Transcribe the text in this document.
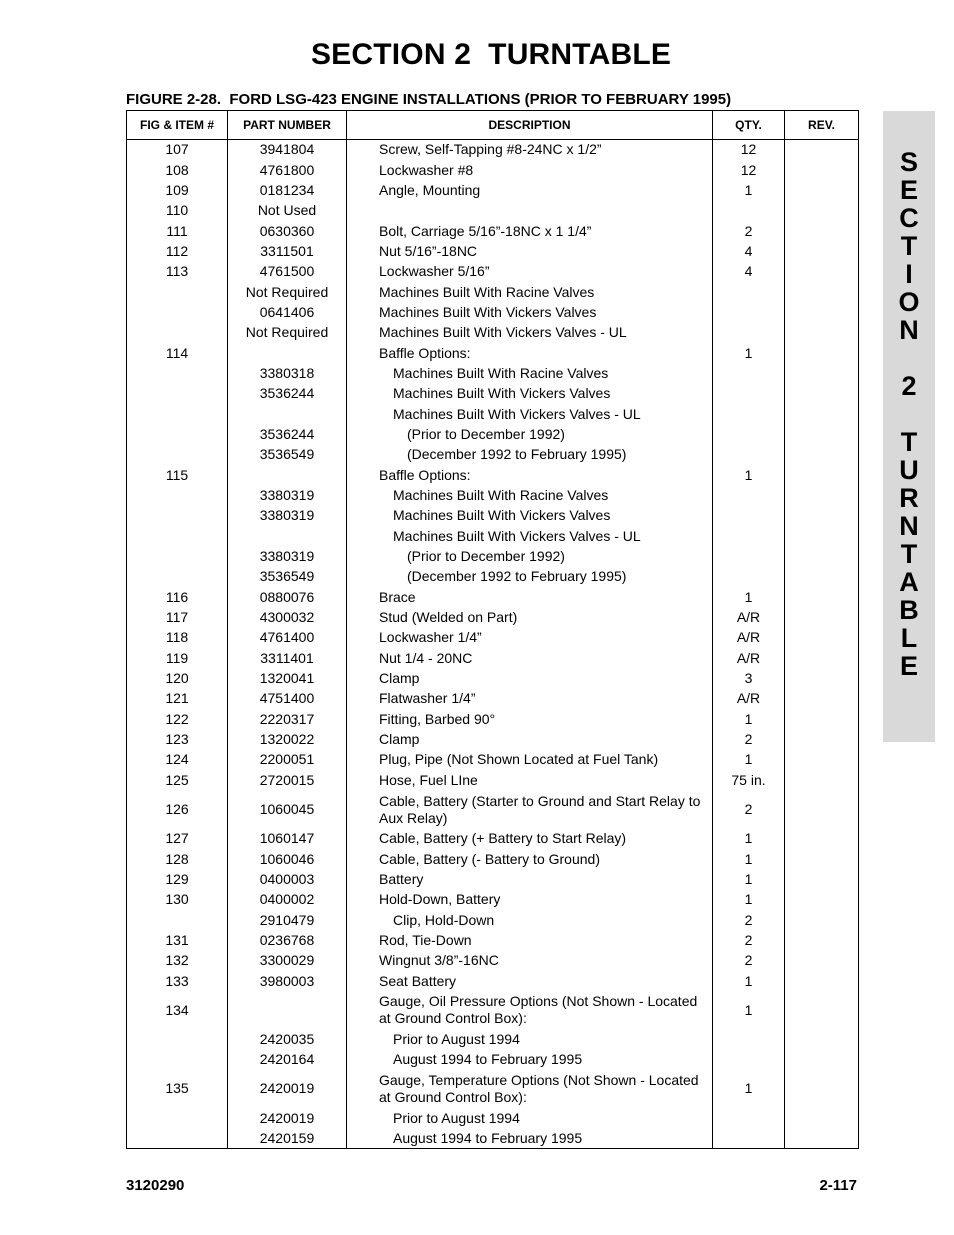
SECTION 2  TURNTABLE
FIGURE 2-28.  FORD LSG-423 ENGINE INSTALLATIONS (PRIOR TO FEBRUARY 1995)
FIG & ITEM #	PART NUMBER	DESCRIPTION	QTY.	REV.
107	3941804	Screw, Self-Tapping #8-24NC x 1/2”	12	
108	4761800	Lockwasher #8	12	
109	0181234	Angle, Mounting	1	
110	Not Used			
111	0630360	Bolt, Carriage 5/16”-18NC x 1 1/4”	2	
112	3311501	Nut 5/16”-18NC	4	
113	4761500	Lockwasher 5/16”	4	
	Not Required	Machines Built With Racine Valves		
	0641406	Machines Built With Vickers Valves		
	Not Required	Machines Built With Vickers Valves - UL		
114		Baffle Options:	1	
	3380318	Machines Built With Racine Valves		
	3536244	Machines Built With Vickers Valves		
		Machines Built With Vickers Valves - UL		
	3536244	(Prior to December 1992)		
	3536549	(December 1992 to February 1995)		
115		Baffle Options:	1	
	3380319	Machines Built With Racine Valves		
	3380319	Machines Built With Vickers Valves		
		Machines Built With Vickers Valves - UL		
	3380319	(Prior to December 1992)		
	3536549	(December 1992 to February 1995)		
116	0880076	Brace	1	
117	4300032	Stud (Welded on Part)	A/R	
118	4761400	Lockwasher 1/4”	A/R	
119	3311401	Nut 1/4 - 20NC	A/R	
120	1320041	Clamp	3	
121	4751400	Flatwasher 1/4”	A/R	
122	2220317	Fitting, Barbed 90°	1	
123	1320022	Clamp	2	
124	2200051	Plug, Pipe (Not Shown Located at Fuel Tank)	1	
125	2720015	Hose, Fuel LIne	75 in.	
126	1060045	Cable, Battery (Starter to Ground and Start Relay to Aux Relay)	2	
127	1060147	Cable, Battery (+ Battery to Start Relay)	1	
128	1060046	Cable, Battery (- Battery to Ground)	1	
129	0400003	Battery	1	
130	0400002	Hold-Down, Battery	1	
	2910479	Clip, Hold-Down	2	
131	0236768	Rod, Tie-Down	2	
132	3300029	Wingnut 3/8”-16NC	2	
133	3980003	Seat Battery	1	
134		Gauge, Oil Pressure Options (Not Shown - Located at Ground Control Box):	1	
	2420035	Prior to August 1994		
	2420164	August 1994 to February 1995		
135	2420019	Gauge, Temperature Options (Not Shown - Located at Ground Control Box):	1	
	2420019	Prior to August 1994		
	2420159	August 1994 to February 1995		
S
E
C
T
I
O
N
2
T
U
R
N
T
A
B
L
E
3120290	2-117
